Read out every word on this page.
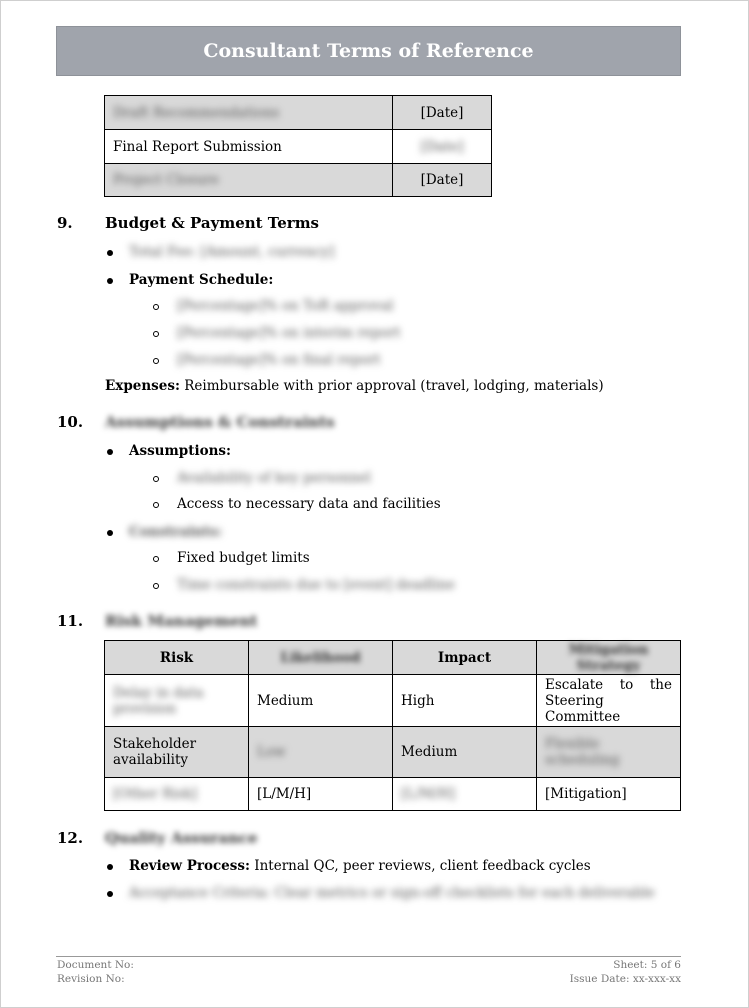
Consultant Terms of Reference
Draft Recommendations	[Date]
Final Report Submission	[Date]
Project Closure	[Date]
9. Budget & Payment Terms
Total Fee: [Amount, currency]
Payment Schedule:
[Percentage]% on ToR approval
[Percentage]% on interim report
[Percentage]% on final report
Expenses: Reimbursable with prior approval (travel, lodging, materials)
10. Assumptions & Constraints
Assumptions:
Availability of key personnel
Access to necessary data and facilities
Constraints:
Fixed budget limits
Time constraints due to [event] deadline
11. Risk Management
Risk	Likelihood	Impact	Mitigation Strategy
Delay in data provision	Medium	High	Escalate to the Steering Committee
Stakeholder availability	Low	Medium	Flexible scheduling
[Other Risk]	[L/M/H]	[L/M/H]	[Mitigation]
12. Quality Assurance
Review Process: Internal QC, peer reviews, client feedback cycles
Acceptance Criteria: Clear metrics or sign-off checklists for each deliverable
Document No:
Revision No:
Sheet: 5 of 6
Issue Date: xx-xxx-xx
